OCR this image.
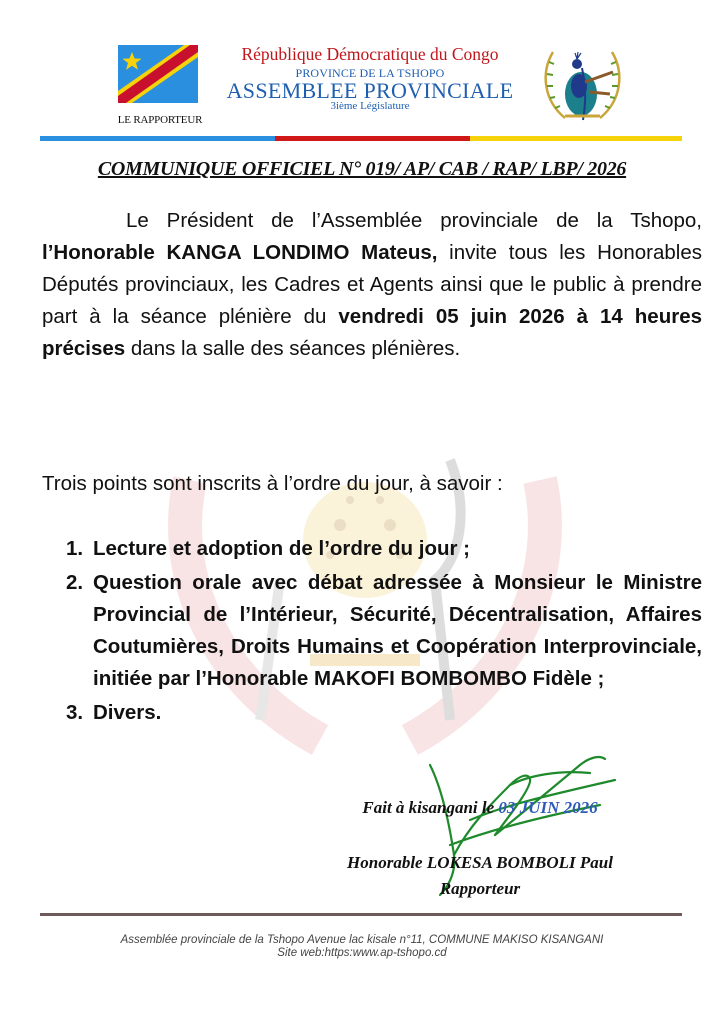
LE RAPPORTEUR
République Démocratique du Congo
PROVINCE DE LA TSHOPO
ASSEMBLEE PROVINCIALE
3ième Législature
COMMUNIQUE OFFICIEL N° 019/ AP/ CAB / RAP/ LBP/ 2026
Le Président de l’Assemblée provinciale de la Tshopo, l’Honorable KANGA LONDIMO Mateus, invite tous les Honorables Députés provinciaux, les Cadres et Agents ainsi que le public à prendre part à la séance plénière du vendredi 05 juin 2026 à 14 heures précises dans la salle des séances plénières.
Trois points sont inscrits à l’ordre du jour, à savoir :
1. Lecture et adoption de l’ordre du jour ;
2. Question orale avec débat adressée à Monsieur le Ministre Provincial de l’Intérieur, Sécurité, Décentralisation, Affaires Coutumières, Droits Humains et Coopération Interprovinciale, initiée par l’Honorable MAKOFI BOMBOMBO Fidèle ;
3. Divers.
Fait à kisangani le 03 JUIN 2026
Honorable LOKESA BOMBOLI Paul
Rapporteur
Assemblée provinciale de la Tshopo Avenue lac kisale n°11, COMMUNE MAKISO KISANGANI
Site web:https:www.ap-tshopo.cd
